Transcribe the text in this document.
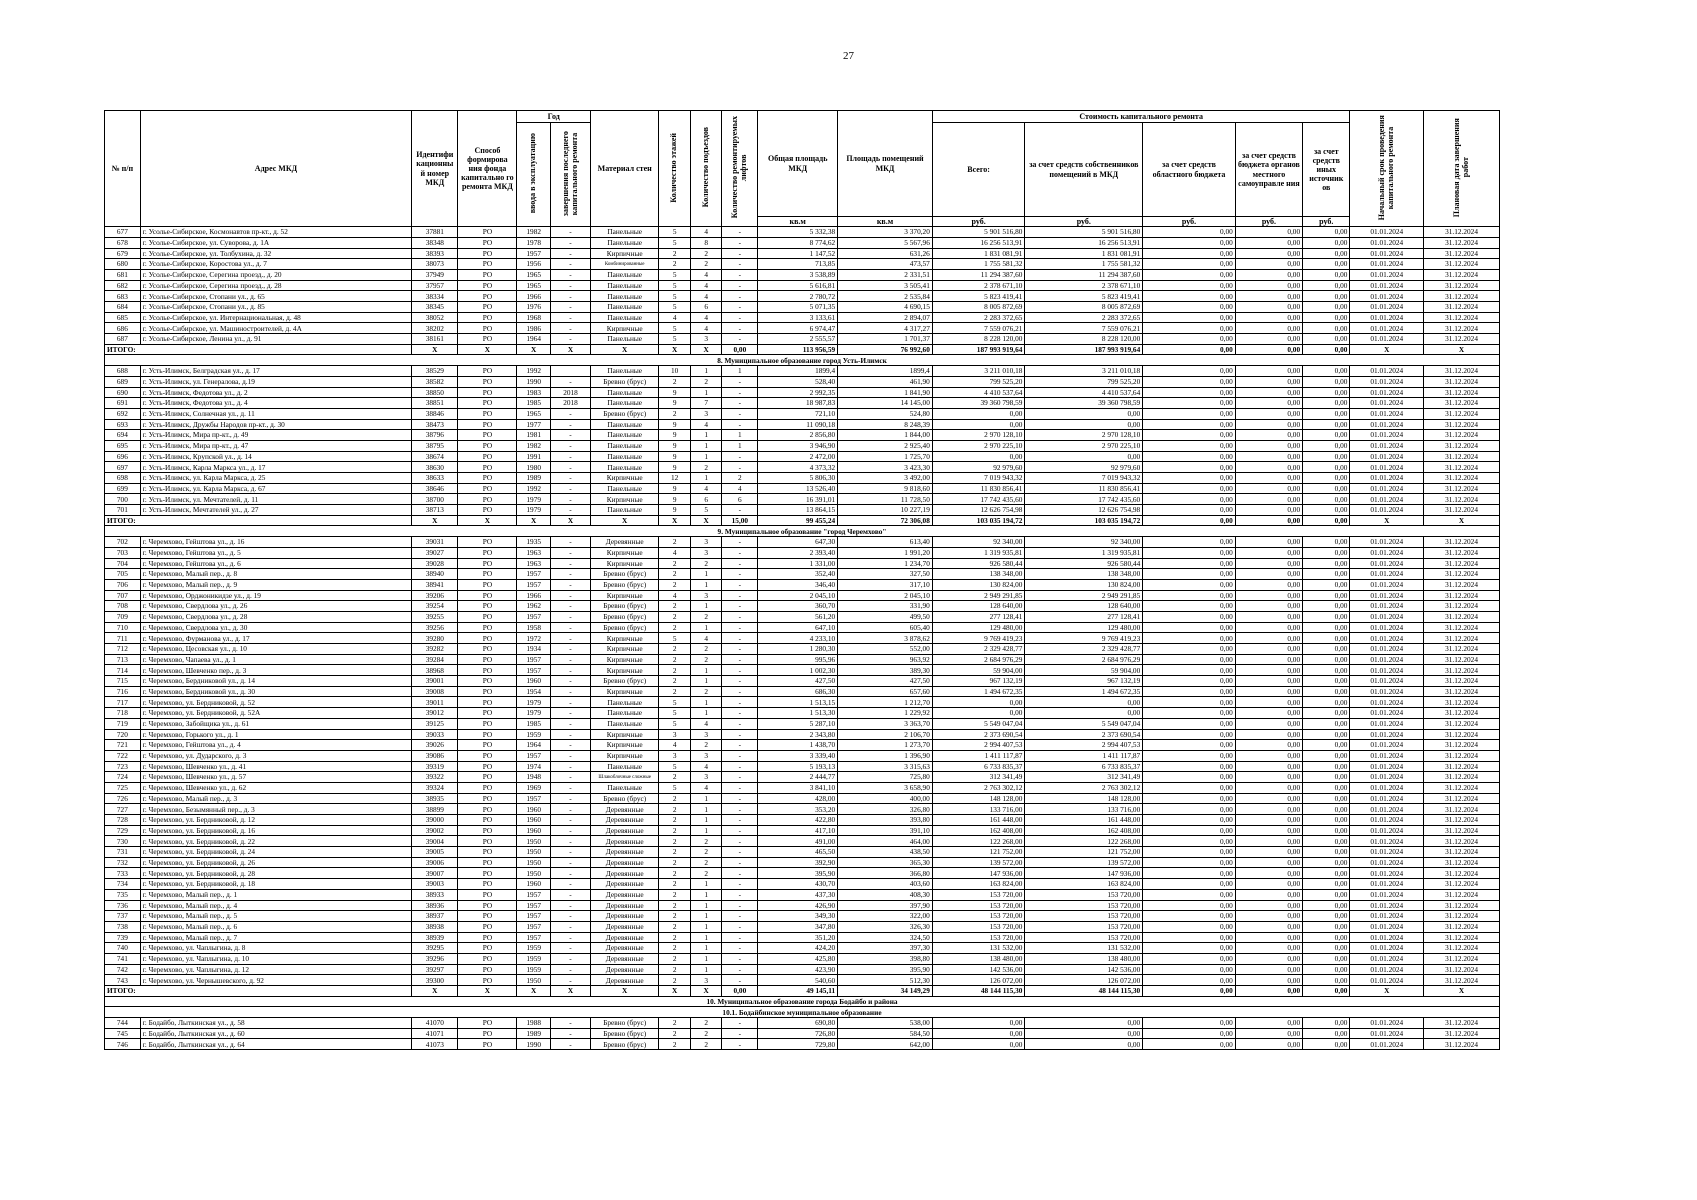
27
№ п/п	Адрес МКД	Идентифи кационны й номер МКД	Способ формирова ния фонда капитально го ремонта МКД	Год		Материал стен	Количество этажей	Количество подъездов	Количество ремонтируемых лифтов	Общая площадь МКД	Площадь помещений МКД	Стоимость капитального ремонта					Начальный срок проведения капитального ремонта	Плановая дата завершения работ
				ввода в эксплуатацию	завершения последнего капитального ремонта							Всего:	за счет средств собственников помещений в МКД	за счет средств областного бюджета	за счет средств бюджета органов местного самоуправле ния	за счет средств иных источник ов		
										кв.м	кв.м	руб.	руб.	руб.	руб.	руб.		
677	г. Усолье-Сибирское, Космонавтов пр-кт., д. 52	37881	РО	1982	-	Панельные	5	4	-	5 332,38	3 370,20	5 901 516,80	5 901 516,80	0,00	0,00	0,00	01.01.2024	31.12.2024
678	г. Усолье-Сибирское, ул. Суворова, д. 1А	38348	РО	1978	-	Панельные	5	8	-	8 774,62	5 567,96	16 256 513,91	16 256 513,91	0,00	0,00	0,00	01.01.2024	31.12.2024
679	г. Усолье-Сибирское, ул. Толбухина, д. 32	38393	РО	1957	-	Кирпичные	2	2	-	1 147,52	631,26	1 831 081,91	1 831 081,91	0,00	0,00	0,00	01.01.2024	31.12.2024
680	г. Усолье-Сибирское, Коростова ул., д. 7	38073	РО	1956	-	Комбинированные	2	2	-	713,85	473,57	1 755 581,32	1 755 581,32	0,00	0,00	0,00	01.01.2024	31.12.2024
681	г. Усолье-Сибирское, Серегина проезд., д. 20	37949	РО	1965	-	Панельные	5	4	-	3 538,89	2 331,51	11 294 387,60	11 294 387,60	0,00	0,00	0,00	01.01.2024	31.12.2024
682	г. Усолье-Сибирское, Серегина проезд., д. 28	37957	РО	1965	-	Панельные	5	4	-	5 616,81	3 505,41	2 378 671,10	2 378 671,10	0,00	0,00	0,00	01.01.2024	31.12.2024
683	г. Усолье-Сибирское, Стопани ул., д. 65	38334	РО	1966	-	Панельные	5	4	-	2 780,72	2 535,84	5 823 419,41	5 823 419,41	0,00	0,00	0,00	01.01.2024	31.12.2024
684	г. Усолье-Сибирское, Стопани ул., д. 85	38345	РО	1976	-	Панельные	5	6	-	5 071,35	4 690,15	8 005 872,69	8 005 872,69	0,00	0,00	0,00	01.01.2024	31.12.2024
685	г. Усолье-Сибирское, ул. Интернациональная, д. 48	38052	РО	1968	-	Панельные	4	4	-	3 133,61	2 894,07	2 283 372,65	2 283 372,65	0,00	0,00	0,00	01.01.2024	31.12.2024
686	г. Усолье-Сибирское, ул. Машиностроителей, д. 4А	38202	РО	1986	-	Кирпичные	5	4	-	6 974,47	4 317,27	7 559 076,21	7 559 076,21	0,00	0,00	0,00	01.01.2024	31.12.2024
687	г. Усолье-Сибирское, Ленина ул., д. 91	38161	РО	1964	-	Панельные	5	3	-	2 555,57	1 701,37	8 228 120,00	8 228 120,00	0,00	0,00	0,00	01.01.2024	31.12.2024
ИТОГО:		X	X	X	X	X	X	X	0,00	113 956,59	76 992,60	187 993 919,64	187 993 919,64	0,00	0,00	0,00	X	X
8. Муниципальное образование город Усть-Илимск																		
688	г. Усть-Илимск, Белградская ул., д. 17	38529	РО	1992		Панельные	10	1	1	1899,4	1899,4	3 211 010,18	3 211 010,18	0,00	0,00	0,00	01.01.2024	31.12.2024
689	г. Усть-Илимск, ул. Генералова, д.19	38582	РО	1990	-	Бревно (брус)	2	2	-	528,40	461,90	799 525,20	799 525,20	0,00	0,00	0,00	01.01.2024	31.12.2024
690	г. Усть-Илимск, Федотова ул., д. 2	38850	РО	1983	2018	Панельные	9	1	-	2 992,35	1 841,90	4 410 537,64	4 410 537,64	0,00	0,00	0,00	01.01.2024	31.12.2024
691	г. Усть-Илимск, Федотова ул., д. 4	38851	РО	1985	2018	Панельные	9	7	-	18 987,83	14 145,00	39 360 798,59	39 360 798,59	0,00	0,00	0,00	01.01.2024	31.12.2024
692	г. Усть-Илимск, Солнечная ул., д. 11	38846	РО	1965	-	Бревно (брус)	2	3	-	721,10	524,80	0,00	0,00	0,00	0,00	0,00	01.01.2024	31.12.2024
693	г. Усть-Илимск, Дружбы Народов пр-кт., д. 30	38473	РО	1977	-	Панельные	9	4	-	11 090,18	8 248,39	0,00	0,00	0,00	0,00	0,00	01.01.2024	31.12.2024
694	г. Усть-Илимск, Мира пр-кт., д. 49	38796	РО	1981	-	Панельные	9	1	1	2 856,80	1 844,00	2 970 128,10	2 970 128,10	0,00	0,00	0,00	01.01.2024	31.12.2024
695	г. Усть-Илимск, Мира пр-кт., д. 47	38795	РО	1982	-	Панельные	9	1	1	3 946,90	2 925,40	2 970 225,10	2 970 225,10	0,00	0,00	0,00	01.01.2024	31.12.2024
696	г. Усть-Илимск, Крупской ул., д. 14	38674	РО	1991	-	Панельные	9	1	-	2 472,00	1 725,70	0,00	0,00	0,00	0,00	0,00	01.01.2024	31.12.2024
697	г. Усть-Илимск, Карла Маркса ул., д. 17	38630	РО	1980	-	Панельные	9	2	-	4 373,32	3 423,30	92 979,60	92 979,60	0,00	0,00	0,00	01.01.2024	31.12.2024
698	г. Усть-Илимск, ул. Карла Маркса, д. 25	38633	РО	1989	-	Кирпичные	12	1	2	5 806,30	3 492,00	7 019 943,32	7 019 943,32	0,00	0,00	0,00	01.01.2024	31.12.2024
699	г. Усть-Илимск, ул. Карла Маркса, д. 67	38646	РО	1992	-	Панельные	9	4	4	13 526,40	9 818,60	11 830 856,41	11 830 856,41	0,00	0,00	0,00	01.01.2024	31.12.2024
700	г. Усть-Илимск, ул. Мечтателей, д. 11	38700	РО	1979	-	Кирпичные	9	6	6	16 391,01	11 728,50	17 742 435,60	17 742 435,60	0,00	0,00	0,00	01.01.2024	31.12.2024
701	г. Усть-Илимск, Мечтателей ул., д. 27	38713	РО	1979	-	Панельные	9	5	-	13 864,15	10 227,19	12 626 754,98	12 626 754,98	0,00	0,00	0,00	01.01.2024	31.12.2024
ИТОГО:		X	X	X	X	X	X	X	15,00	99 455,24	72 306,08	103 035 194,72	103 035 194,72	0,00	0,00	0,00	X	X
9. Муниципальное образование "город Черемхово"																		
702	г. Черемхово, Гейштова ул., д. 16	39031	РО	1935	-	Деревянные	2	3	-	647,30	613,40	92 340,00	92 340,00	0,00	0,00	0,00	01.01.2024	31.12.2024
703	г. Черемхово, Гейштова ул., д. 5	39027	РО	1963	-	Кирпичные	4	3	-	2 393,40	1 991,20	1 319 935,81	1 319 935,81	0,00	0,00	0,00	01.01.2024	31.12.2024
704	г. Черемхово, Гейштова ул., д. 6	39028	РО	1963	-	Кирпичные	2	2	-	1 331,00	1 234,70	926 580,44	926 580,44	0,00	0,00	0,00	01.01.2024	31.12.2024
705	г. Черемхово, Малый пер., д. 8	38940	РО	1957	-	Бревно (брус)	2	1	-	352,40	327,50	138 348,00	138 348,00	0,00	0,00	0,00	01.01.2024	31.12.2024
706	г. Черемхово, Малый пер., д. 9	38941	РО	1957	-	Бревно (брус)	2	1	-	346,40	317,10	130 824,00	130 824,00	0,00	0,00	0,00	01.01.2024	31.12.2024
707	г. Черемхово, Орджоникидзе ул., д. 19	39206	РО	1966	-	Кирпичные	4	3	-	2 045,10	2 045,10	2 949 291,85	2 949 291,85	0,00	0,00	0,00	01.01.2024	31.12.2024
708	г. Черемхово, Свердлова ул., д. 26	39254	РО	1962	-	Бревно (брус)	2	1	-	360,70	331,90	128 640,00	128 640,00	0,00	0,00	0,00	01.01.2024	31.12.2024
709	г. Черемхово, Свердлова ул., д. 28	39255	РО	1957	-	Бревно (брус)	2	2	-	561,20	499,50	277 128,41	277 128,41	0,00	0,00	0,00	01.01.2024	31.12.2024
710	г. Черемхово, Свердлова ул., д. 30	39256	РО	1958	-	Бревно (брус)	2	1	-	647,10	605,40	129 480,00	129 480,00	0,00	0,00	0,00	01.01.2024	31.12.2024
711	г. Черемхово, Фурманова ул., д. 17	39280	РО	1972	-	Кирпичные	5	4	-	4 233,10	3 878,62	9 769 419,23	9 769 419,23	0,00	0,00	0,00	01.01.2024	31.12.2024
712	г. Черемхово, Цесовская ул., д. 10	39282	РО	1934	-	Кирпичные	2	2	-	1 280,30	552,00	2 329 428,77	2 329 428,77	0,00	0,00	0,00	01.01.2024	31.12.2024
713	г. Черемхово, Чапаева ул., д. 1	39284	РО	1957	-	Кирпичные	2	2	-	995,96	963,92	2 684 976,29	2 684 976,29	0,00	0,00	0,00	01.01.2024	31.12.2024
714	г. Черемхово, Шевченко пер., д. 3	38968	РО	1957	-	Кирпичные	2	1	-	1 002,30	389,30	59 904,00	59 904,00	0,00	0,00	0,00	01.01.2024	31.12.2024
715	г. Черемхово, Бердниковой ул., д. 14	39001	РО	1960	-	Бревно (брус)	2	1	-	427,50	427,50	967 132,19	967 132,19	0,00	0,00	0,00	01.01.2024	31.12.2024
716	г. Черемхово, Бердниковой ул., д. 30	39008	РО	1954	-	Кирпичные	2	2	-	686,30	657,60	1 494 672,35	1 494 672,35	0,00	0,00	0,00	01.01.2024	31.12.2024
717	г. Черемхово, ул. Бердниковой, д. 52	39011	РО	1979	-	Панельные	5	1	-	1 513,15	1 212,70	0,00	0,00	0,00	0,00	0,00	01.01.2024	31.12.2024
718	г. Черемхово, ул. Бердниковой, д. 52А	39012	РО	1979	-	Панельные	5	1	-	1 513,30	1 229,92	0,00	0,00	0,00	0,00	0,00	01.01.2024	31.12.2024
719	г. Черемхово, Забойщика ул., д. 61	39125	РО	1985	-	Панельные	5	4	-	5 287,10	3 363,70	5 549 047,04	5 549 047,04	0,00	0,00	0,00	01.01.2024	31.12.2024
720	г. Черемхово, Горького ул., д. 1	39033	РО	1959	-	Кирпичные	3	3	-	2 343,80	2 106,70	2 373 690,54	2 373 690,54	0,00	0,00	0,00	01.01.2024	31.12.2024
721	г. Черемхово, Гейштова ул., д. 4	39026	РО	1964	-	Кирпичные	4	2	-	1 438,70	1 273,70	2 994 407,53	2 994 407,53	0,00	0,00	0,00	01.01.2024	31.12.2024
722	г. Черемхово, ул. Дударского, д. 3	39086	РО	1957	-	Кирпичные	3	3	-	3 339,40	1 396,90	1 411 117,87	1 411 117,87	0,00	0,00	0,00	01.01.2024	31.12.2024
723	г. Черемхово, Шевченко ул., д. 41	39319	РО	1974	-	Панельные	5	4	-	5 193,13	3 315,63	6 733 835,37	6 733 835,37	0,00	0,00	0,00	01.01.2024	31.12.2024
724	г. Черемхово, Шевченко ул., д. 57	39322	РО	1948	-	Шлакоблочные сложные	2	3	-	2 444,77	725,80	312 341,49	312 341,49	0,00	0,00	0,00	01.01.2024	31.12.2024
725	г. Черемхово, Шевченко ул., д. 62	39324	РО	1969	-	Панельные	5	4	-	3 841,10	3 658,90	2 763 302,12	2 763 302,12	0,00	0,00	0,00	01.01.2024	31.12.2024
726	г. Черемхово, Малый пер., д. 3	38935	РО	1957	-	Бревно (брус)	2	1	-	428,00	400,00	148 128,00	148 128,00	0,00	0,00	0,00	01.01.2024	31.12.2024
727	г. Черемхово, Безымянный пер., д. 3	38899	РО	1960	-	Деревянные	2	1	-	353,20	326,80	133 716,00	133 716,00	0,00	0,00	0,00	01.01.2024	31.12.2024
728	г. Черемхово, ул. Бердниковой, д. 12	39000	РО	1960	-	Деревянные	2	1	-	422,80	393,80	161 448,00	161 448,00	0,00	0,00	0,00	01.01.2024	31.12.2024
729	г. Черемхово, ул. Бердниковой, д. 16	39002	РО	1960	-	Деревянные	2	1	-	417,10	391,10	162 408,00	162 408,00	0,00	0,00	0,00	01.01.2024	31.12.2024
730	г. Черемхово, ул. Бердниковой, д. 22	39004	РО	1950	-	Деревянные	2	2	-	491,00	464,00	122 268,00	122 268,00	0,00	0,00	0,00	01.01.2024	31.12.2024
731	г. Черемхово, ул. Бердниковой, д. 24	39005	РО	1950	-	Деревянные	2	2	-	465,50	438,50	121 752,00	121 752,00	0,00	0,00	0,00	01.01.2024	31.12.2024
732	г. Черемхово, ул. Бердниковой, д. 26	39006	РО	1950	-	Деревянные	2	2	-	392,90	365,30	139 572,00	139 572,00	0,00	0,00	0,00	01.01.2024	31.12.2024
733	г. Черемхово, ул. Бердниковой, д. 28	39007	РО	1950	-	Деревянные	2	2	-	395,90	366,80	147 936,00	147 936,00	0,00	0,00	0,00	01.01.2024	31.12.2024
734	г. Черемхово, ул. Бердниковой, д. 18	39003	РО	1960	-	Деревянные	2	1	-	430,70	403,60	163 824,00	163 824,00	0,00	0,00	0,00	01.01.2024	31.12.2024
735	г. Черемхово, Малый пер., д. 1	38933	РО	1957	-	Деревянные	2	1	-	437,30	408,30	153 720,00	153 720,00	0,00	0,00	0,00	01.01.2024	31.12.2024
736	г. Черемхово, Малый пер., д. 4	38936	РО	1957	-	Деревянные	2	1	-	426,90	397,90	153 720,00	153 720,00	0,00	0,00	0,00	01.01.2024	31.12.2024
737	г. Черемхово, Малый пер., д. 5	38937	РО	1957	-	Деревянные	2	1	-	349,30	322,00	153 720,00	153 720,00	0,00	0,00	0,00	01.01.2024	31.12.2024
738	г. Черемхово, Малый пер., д. 6	38938	РО	1957	-	Деревянные	2	1	-	347,80	326,30	153 720,00	153 720,00	0,00	0,00	0,00	01.01.2024	31.12.2024
739	г. Черемхово, Малый пер., д. 7	38939	РО	1957	-	Деревянные	2	1	-	351,20	324,50	153 720,00	153 720,00	0,00	0,00	0,00	01.01.2024	31.12.2024
740	г. Черемхово, ул. Чаплыгина, д. 8	39295	РО	1959	-	Деревянные	2	1	-	424,20	397,30	131 532,00	131 532,00	0,00	0,00	0,00	01.01.2024	31.12.2024
741	г. Черемхово, ул. Чаплыгина, д. 10	39296	РО	1959	-	Деревянные	2	1	-	425,80	398,80	138 480,00	138 480,00	0,00	0,00	0,00	01.01.2024	31.12.2024
742	г. Черемхово, ул. Чаплыгина, д. 12	39297	РО	1959	-	Деревянные	2	1	-	423,90	395,90	142 536,00	142 536,00	0,00	0,00	0,00	01.01.2024	31.12.2024
743	г. Черемхово, ул. Чернышевского, д. 92	39300	РО	1950	-	Деревянные	2	3	-	540,60	512,30	126 072,00	126 072,00	0,00	0,00	0,00	01.01.2024	31.12.2024
ИТОГО:		X	X	X	X	X	X	X	0,00	49 145,11	34 149,29	48 144 115,30	48 144 115,30	0,00	0,00	0,00	X	X
10. Муниципальное образование города Бодайбо и района																		
10.1. Бодайбинское муниципальное образование																		
744	г. Бодайбо, Лыткинская ул., д. 58	41070	РО	1988	-	Бревно (брус)	2	2	-	690,80	538,00	0,00	0,00	0,00	0,00	0,00	01.01.2024	31.12.2024
745	г. Бодайбо, Лыткинская ул., д. 60	41071	РО	1989	-	Бревно (брус)	2	2	-	726,80	584,50	0,00	0,00	0,00	0,00	0,00	01.01.2024	31.12.2024
746	г. Бодайбо, Лыткинская ул., д. 64	41073	РО	1990	-	Бревно (брус)	2	2	-	729,80	642,00	0,00	0,00	0,00	0,00	0,00	01.01.2024	31.12.2024
